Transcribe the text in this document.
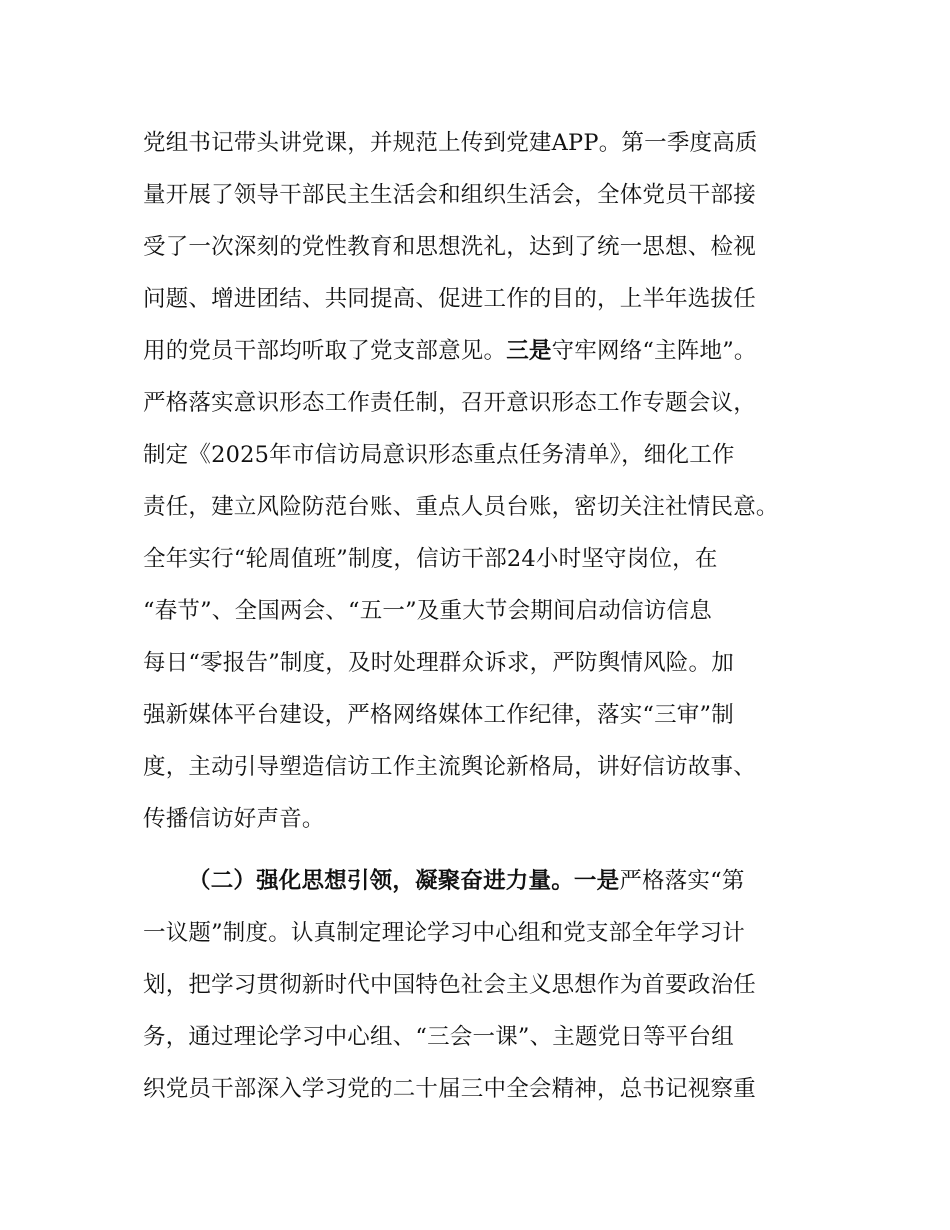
党组书记带头讲党课，并规范上传到党建APP。第一季度高质
量开展了领导干部民主生活会和组织生活会，全体党员干部接
受了一次深刻的党性教育和思想洗礼，达到了统一思想、检视
问题、增进团结、共同提高、促进工作的目的，上半年选拔任
用的党员干部均听取了党支部意见。三是守牢网络“主阵地”。
严格落实意识形态工作责任制，召开意识形态工作专题会议，
制定《2025年市信访局意识形态重点任务清单》，细化工作
责任，建立风险防范台账、重点人员台账，密切关注社情民意。
全年实行“轮周值班”制度，信访干部24小时坚守岗位，在
“春节”、全国两会、“五一”及重大节会期间启动信访信息
每日“零报告”制度，及时处理群众诉求，严防舆情风险。加
强新媒体平台建设，严格网络媒体工作纪律，落实“三审”制
度，主动引导塑造信访工作主流舆论新格局，讲好信访故事、
传播信访好声音。
（二）强化思想引领，凝聚奋进力量。一是严格落实“第
一议题”制度。认真制定理论学习中心组和党支部全年学习计
划，把学习贯彻新时代中国特色社会主义思想作为首要政治任
务，通过理论学习中心组、“三会一课”、主题党日等平台组
织党员干部深入学习党的二十届三中全会精神，总书记视察重
